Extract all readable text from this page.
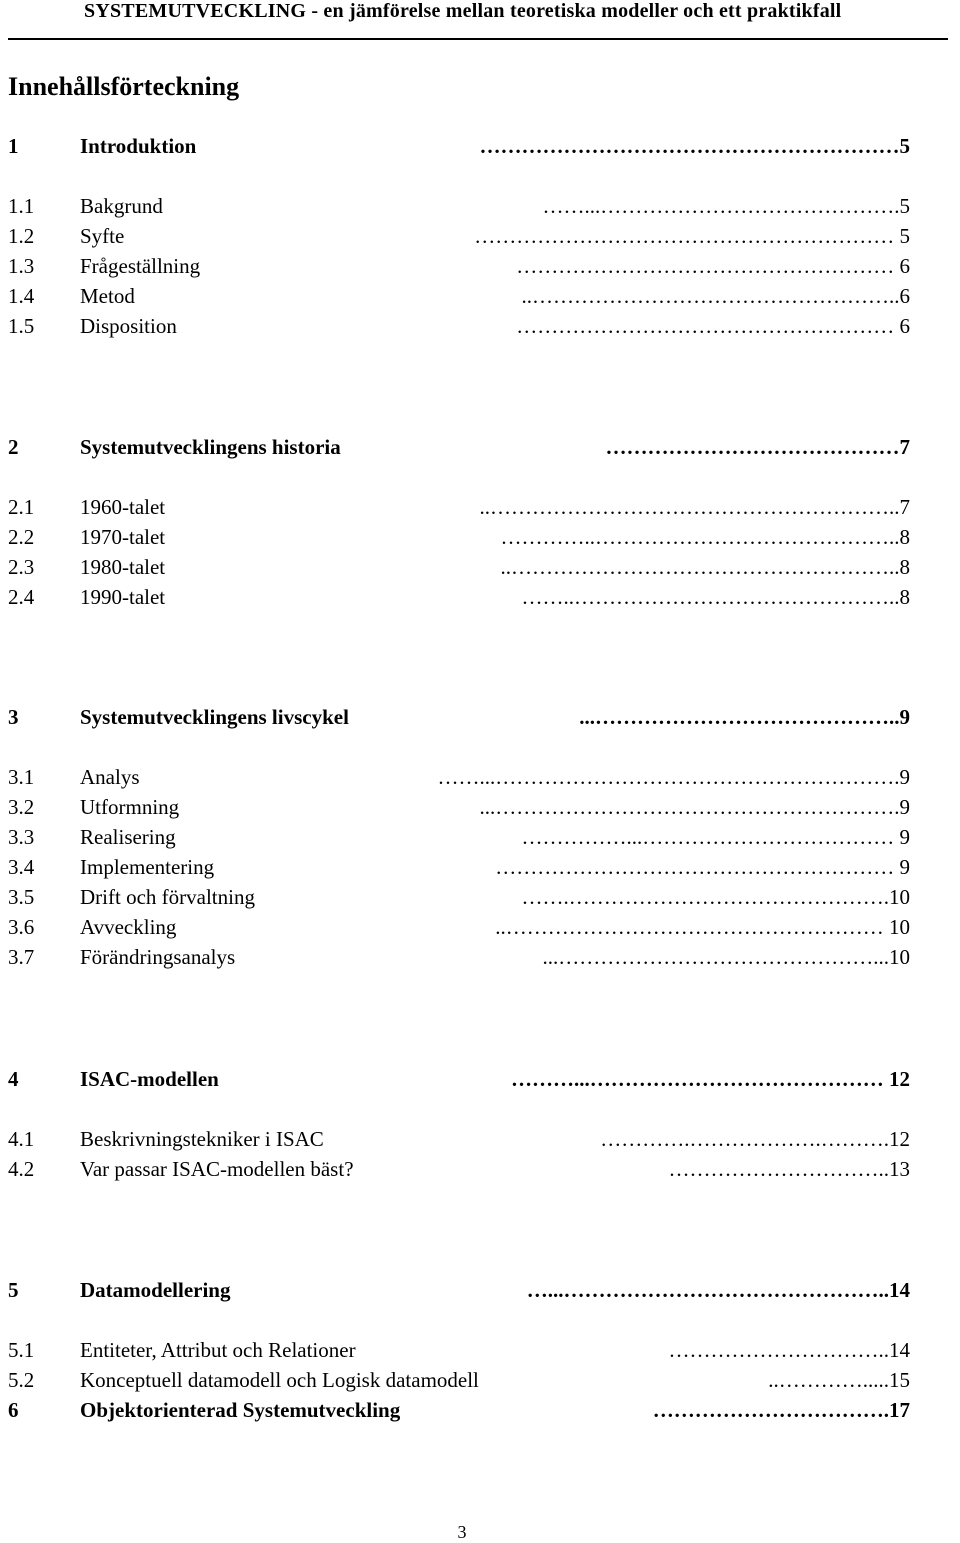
SYSTEMUTVECKLING - en jämförelse mellan teoretiska modeller och ett praktikfall
Innehållsförteckning
1	Introduktion	……………………………………………………5
1.1 Bakgrund	……...…………………………………….5
1.2 Syfte	…………………………………………………… 5
1.3 Frågeställning	……………………………………………… 6
1.4 Metod	..……………………………………………..6
1.5 Disposition	……………………………………………… 6
2	Systemutvecklingens historia	……………………………………7
2.1 1960-talet	..…………………………………………………..7
2.2 1970-talet	…………..……………………………………..8
2.3 1980-talet	..………………………………………………..8
2.4 1990-talet	……..………………………………………..8
3	Systemutvecklingens livscykel	...……………………………………..9
3.1 Analys	……...………………………………………………….9
3.2 Utformning	...………………………………………………….9
3.3 Realisering	……………...……………………………… 9
3.4 Implementering	………………………………………………… 9
3.5 Drift och förvaltning	…….……………………………………….10
3.6 Avveckling	..……………………………………………… 10
3.7 Förändringsanalys	...………………………………………...10
4	ISAC-modellen	………...…………………………………… 12
4.1 Beskrivningstekniker i ISAC	………….……………….……….12
4.2 Var passar ISAC-modellen bäst?	…………………………..13
5	Datamodellering	…...………………………………………..14
5.1 Entiteter, Attribut och Relationer	…………………………..14
5.2 Konceptuell datamodell och Logisk datamodell	..………….....15
6	Objektorienterad Systemutveckling	…………………………….17
3
